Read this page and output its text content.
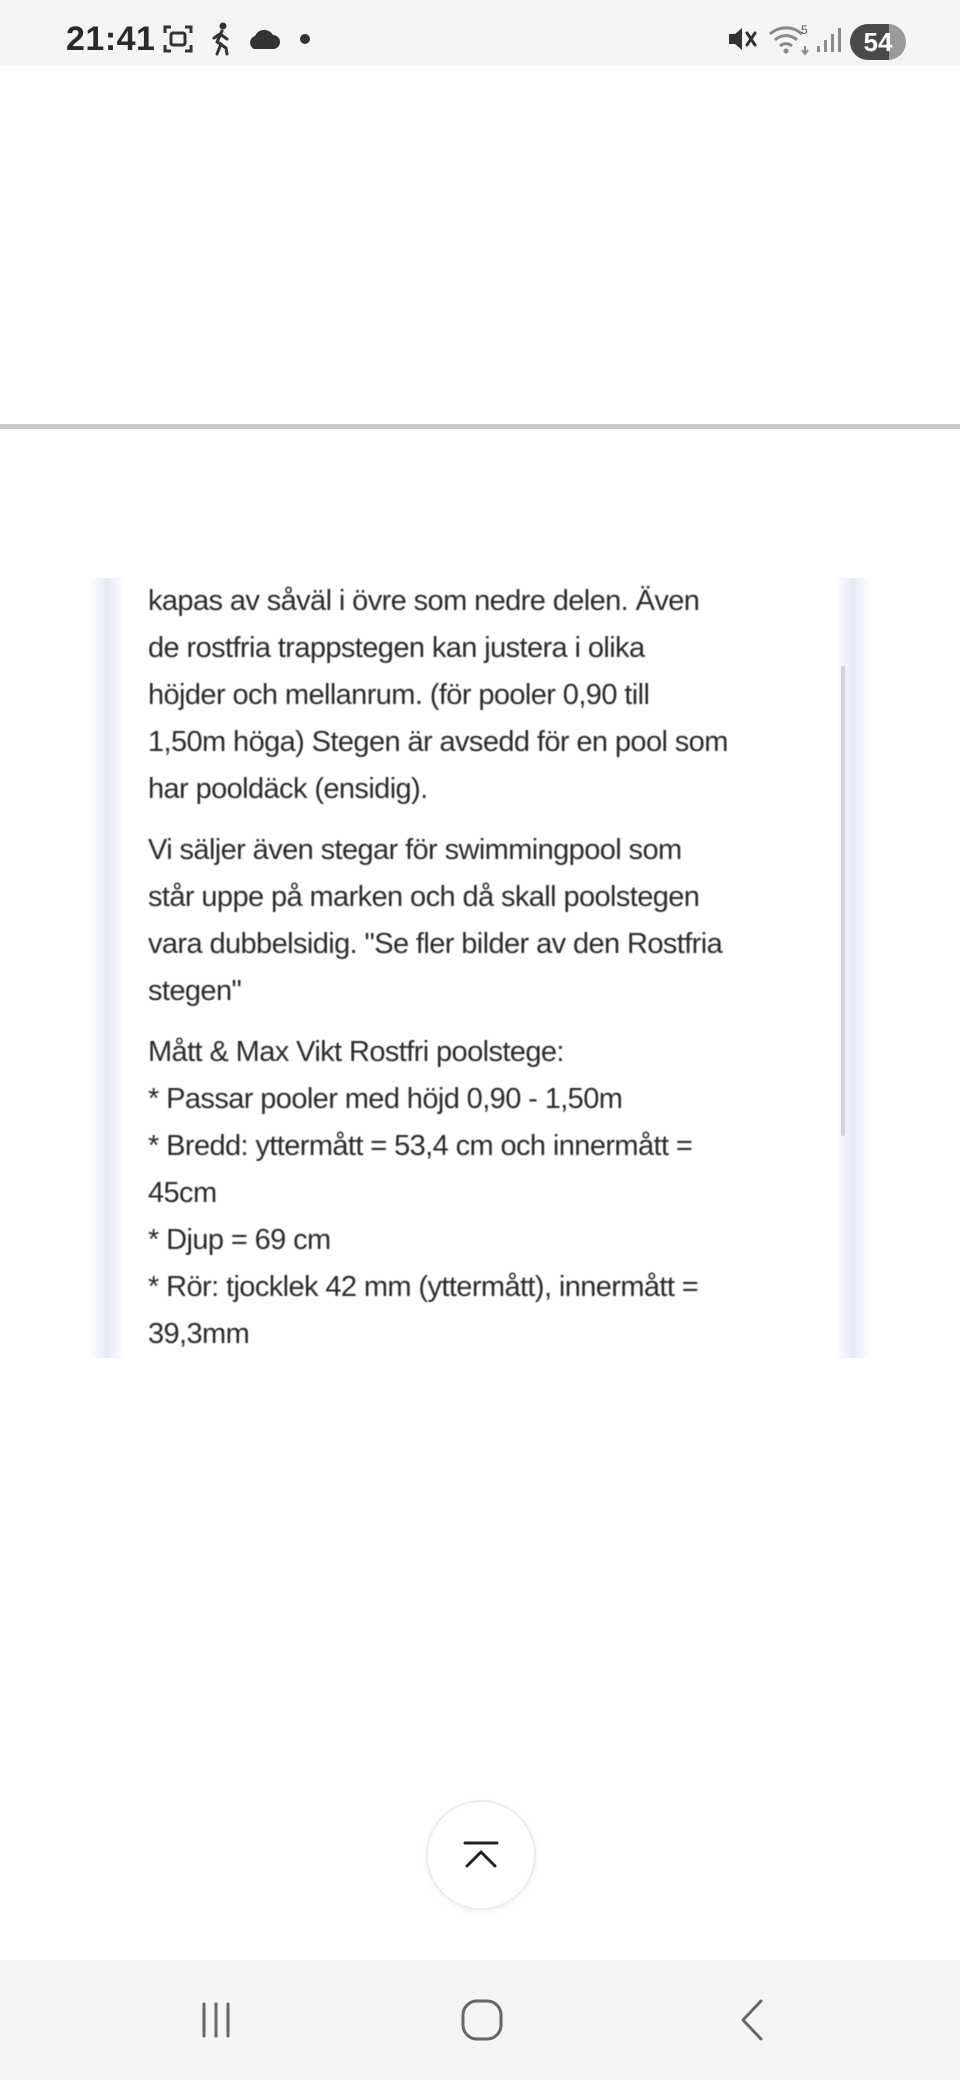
21:41	5	54

kapas av såväl i övre som nedre delen. Även
de rostfria trappstegen kan justera i olika
höjder och mellanrum. (för pooler 0,90 till
1,50m höga) Stegen är avsedd för en pool som
har pooldäck (ensidig).

Vi säljer även stegar för swimmingpool som
står uppe på marken och då skall poolstegen
vara dubbelsidig. "Se fler bilder av den Rostfria
stegen"

Mått & Max Vikt Rostfri poolstege:

* Passar pooler med höjd 0,90 - 1,50m

* Bredd: yttermått = 53,4 cm och innermått =
45cm

* Djup = 69 cm

* Rör: tjocklek 42 mm (yttermått), innermått =
39,3mm
